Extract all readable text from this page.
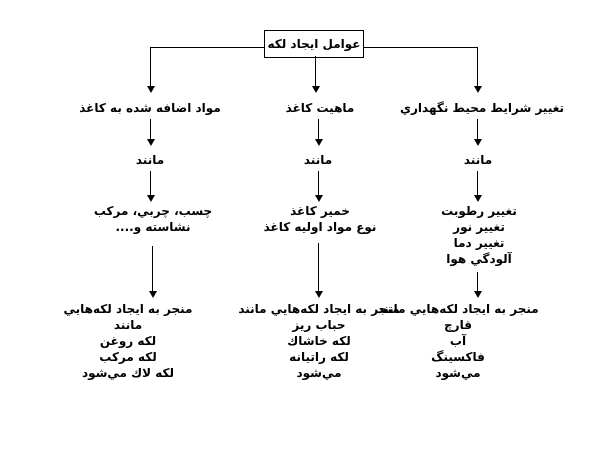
عوامل ايجاد لكه
مواد اضافه شده به كاغذ	ماهيت كاغذ	تغيير شرايط محيط نگهداري
مانند	مانند	مانند
چسب، چربي، مركب
نشاسته و....
خمير كاغذ
نوع مواد اوليه كاغذ
تغيير رطوبت
تغيير نور
تغيير دما
آلودگي هوا
منجر به ايجاد لكه‌هايي
مانند
لكه روغن
لكه مركب
لكه لاك مي‌شود
منجر به ايجاد لكه‌هايي مانند
حباب ريز
لكه خاشاك
لكه راتيانه
مي‌شود
منجر به ايجاد لكه‌هايي مانند
قارچ
آب
فاكسينگ
مي‌شود
